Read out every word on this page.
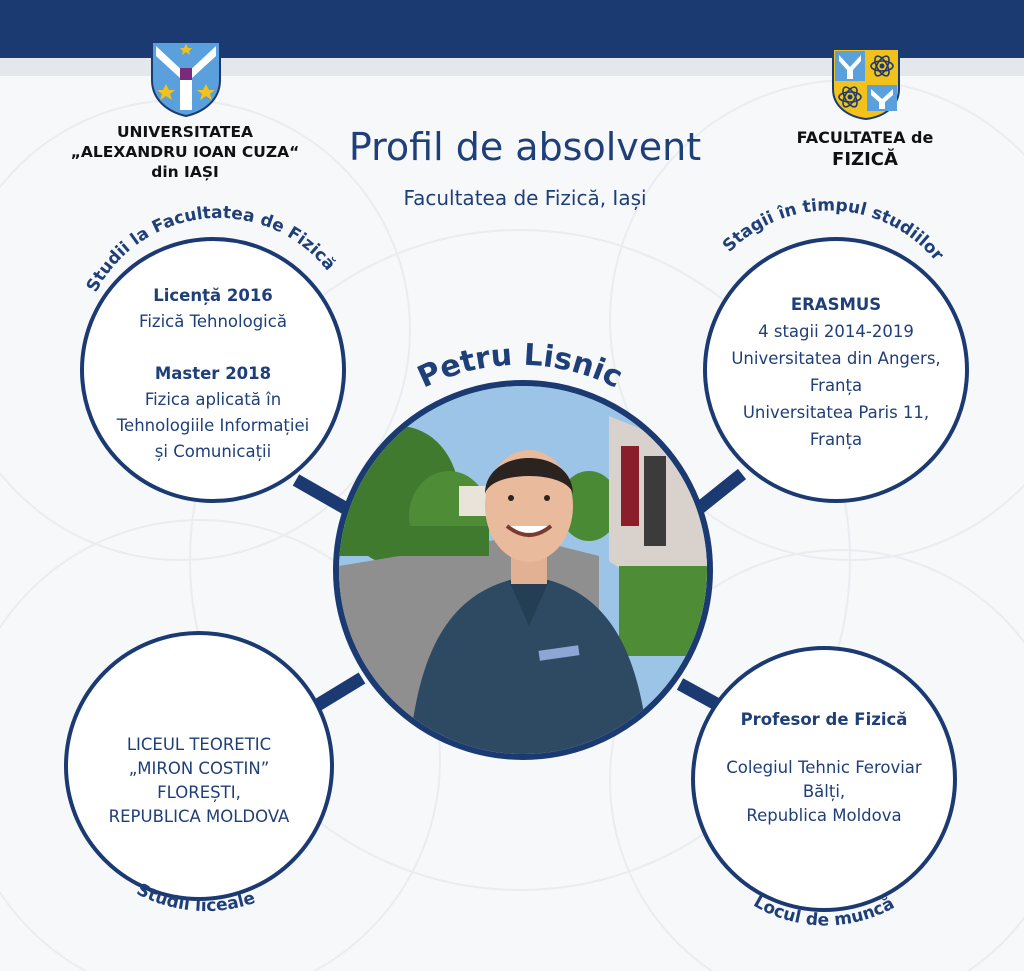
UNIVERSITATEA
„ALEXANDRU IOAN CUZA“
din IAȘI
FACULTATEA de
FIZICĂ
Profil de absolvent
Facultatea de Fizică, Iași
Licență 2016
Fizică Tehnologică
Master 2018
Fizica aplicată în
Tehnologiile Informației
și Comunicații
ERASMUS
4 stagii 2014-2019
Universitatea din Angers,
Franța
Universitatea Paris 11,
Franța
LICEUL TEORETIC
„MIRON COSTIN”
FLOREȘTI,
REPUBLICA MOLDOVA
Profesor de Fizică
Colegiul Tehnic Feroviar
Bălți,
Republica Moldova
Studii la Facultatea de Fizică
Stagii în timpul studiilor
Petru Lisnic
Studii liceale	Locul de muncă
